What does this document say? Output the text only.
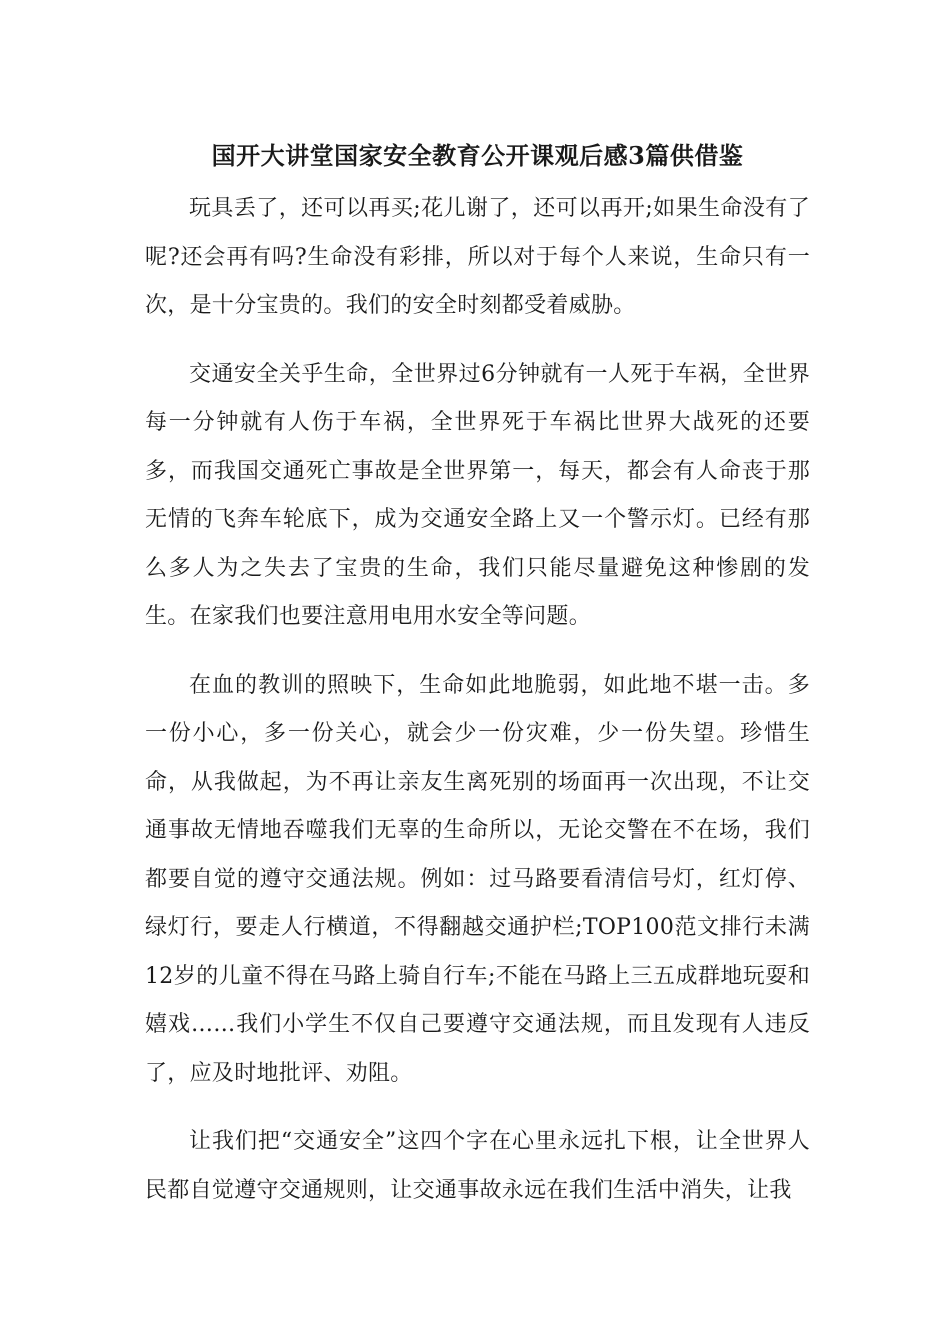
国开大讲堂国家安全教育公开课观后感3篇供借鉴

玩具丢了，还可以再买;花儿谢了，还可以再开;如果生命没有了呢?还会再有吗?生命没有彩排，所以对于每个人来说，生命只有一次，是十分宝贵的。我们的安全时刻都受着威胁。

交通安全关乎生命，全世界过6分钟就有一人死于车祸，全世界每一分钟就有人伤于车祸，全世界死于车祸比世界大战死的还要多，而我国交通死亡事故是全世界第一，每天，都会有人命丧于那无情的飞奔车轮底下，成为交通安全路上又一个警示灯。已经有那么多人为之失去了宝贵的生命，我们只能尽量避免这种惨剧的发生。在家我们也要注意用电用水安全等问题。

在血的教训的照映下，生命如此地脆弱，如此地不堪一击。多一份小心，多一份关心，就会少一份灾难，少一份失望。珍惜生命，从我做起，为不再让亲友生离死别的场面再一次出现，不让交通事故无情地吞噬我们无辜的生命所以，无论交警在不在场，我们都要自觉的遵守交通法规。例如：过马路要看清信号灯，红灯停、绿灯行，要走人行横道，不得翻越交通护栏;TOP100范文排行未满12岁的儿童不得在马路上骑自行车;不能在马路上三五成群地玩耍和嬉戏……我们小学生不仅自己要遵守交通法规，而且发现有人违反了，应及时地批评、劝阻。

让我们把“交通安全”这四个字在心里永远扎下根，让全世界人民都自觉遵守交通规则，让交通事故永远在我们生活中消失，让我
